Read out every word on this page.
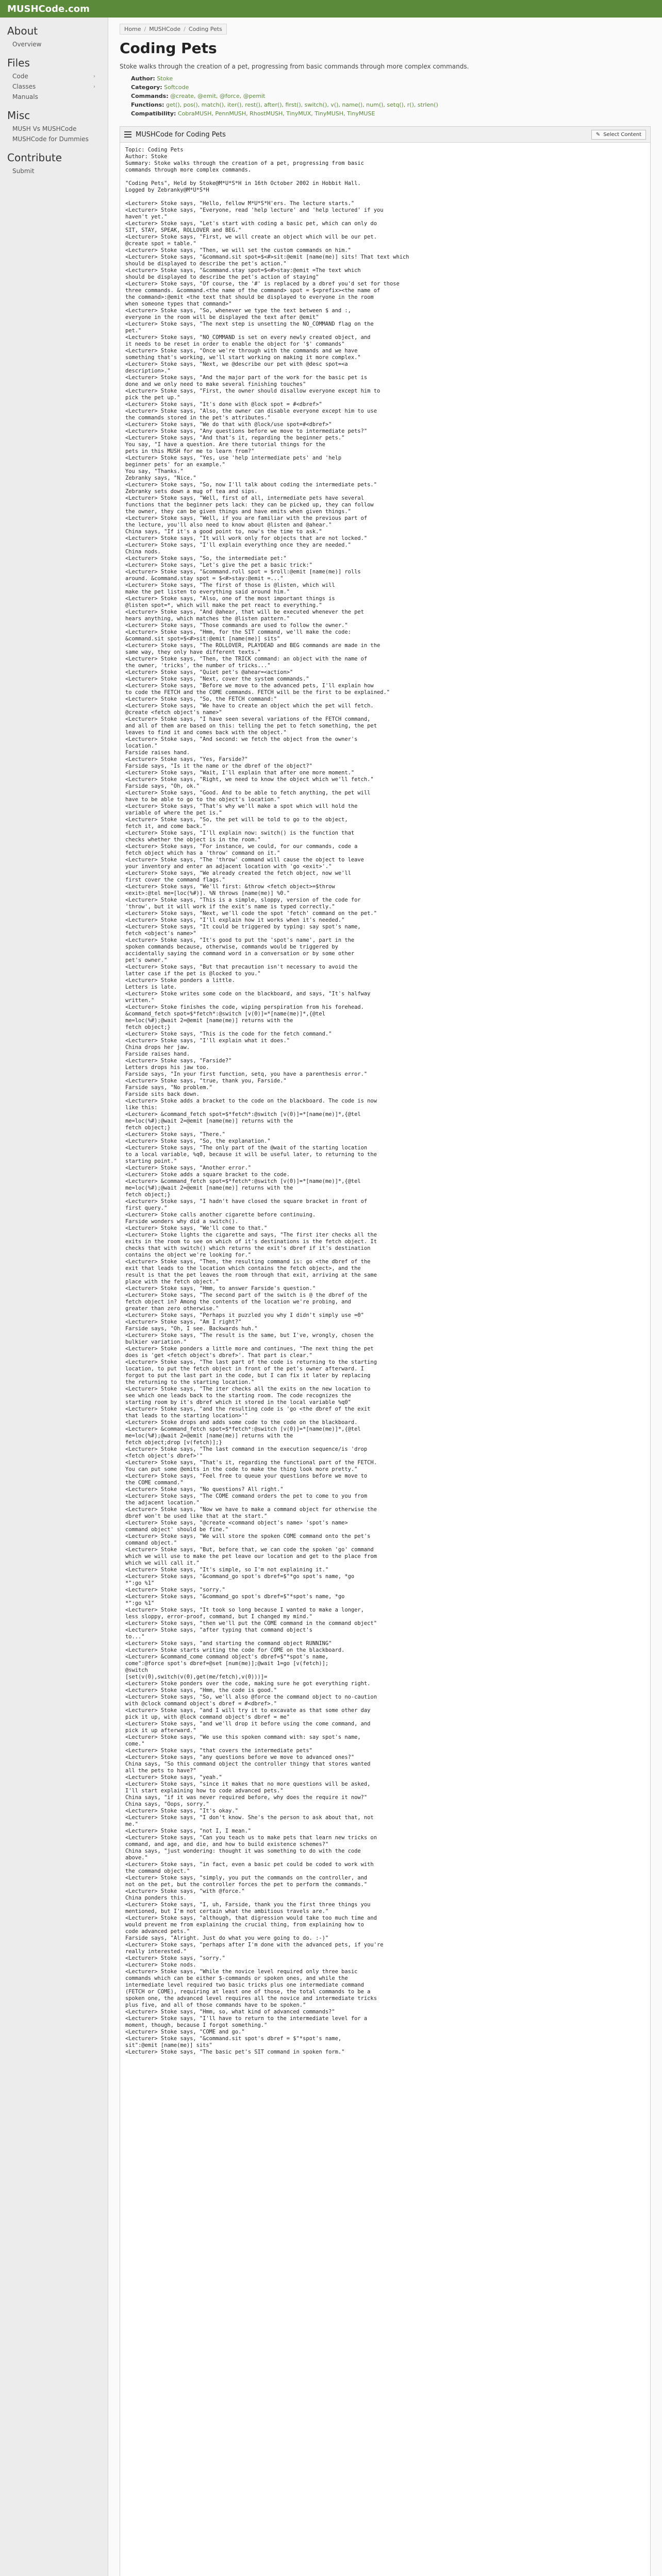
MUSHCode.com
About
Overview
Files
Code	›
Classes	›
Manuals
Misc
MUSH Vs MUSHCode
MUSHCode for Dummies
Contribute
Submit
Home / MUSHCode / Coding Pets
Coding Pets
Stoke walks through the creation of a pet, progressing from basic commands through more complex commands.
Author: Stoke
Category: Softcode
Commands: @create, @emit, @force, @pemit
Functions: get(), pos(), match(), iter(), rest(), after(), first(), switch(), v(), name(), num(), setq(), r(), strlen()
Compatibility: CobraMUSH, PennMUSH, RhostMUSH, TinyMUX, TinyMUSH, TinyMUSE
MUSHCode for Coding Pets	✎ Select Content
Topic: Coding Pets
Author: Stoke
Summary: Stoke walks through the creation of a pet, progressing from basic
commands through more complex commands.

"Coding Pets", Held by Stoke@M*U*S*H in 16th October 2002 in Hobbit Hall.
Logged by Zebranky@M*U*S*H

<Lecturer> Stoke says, "Hello, fellow M*U*S*H'ers. The lecture starts."
<Lecturer> Stoke says, "Everyone, read 'help lecture' and 'help lectured' if you
haven't yet."
<Lecturer> Stoke says, "Let's start with coding a basic pet, which can only do
SIT, STAY, SPEAK, ROLLOVER and BEG."
<Lecturer> Stoke says, "First, we will create an object which will be our pet.
@create spot = table."
<Lecturer> Stoke says, "Then, we will set the custom commands on him."
<Lecturer> Stoke says, "&command.sit spot=$<#>sit:@emit [name(me)] sits! That text which
should be displayed to describe the pet's action."
<Lecturer> Stoke says, "&command.stay spot=$<#>stay:@emit =The text which
should be displayed to describe the pet's action of staying"
<Lecturer> Stoke says, "Of course, the '#' is replaced by a dbref you'd set for those
three commands. &command.<the name of the command> spot = $<prefix><the name of
the command>:@emit <the text that should be displayed to everyone in the room
when someone types that command>"
<Lecturer> Stoke says, "So, whenever we type the text between $ and :,
everyone in the room will be displayed the text after @emit"
<Lecturer> Stoke says, "The next step is unsetting the NO_COMMAND flag on the
pet."
<Lecturer> Stoke says, "NO_COMMAND is set on every newly created object, and
it needs to be reset in order to enable the object for '$' commands"
<Lecturer> Stoke says, "Once we're through with the commands and we have
something that's working, we'll start working on making it more complex."
<Lecturer> Stoke says, "Next, we @describe our pet with @desc spot=<a
description>."
<Lecturer> Stoke says, "And the major part of the work for the basic pet is
done and we only need to make several finishing touches"
<Lecturer> Stoke says, "First, the owner should disallow everyone except him to
pick the pet up."
<Lecturer> Stoke says, "It's done with @lock spot = #<dbref>"
<Lecturer> Stoke says, "Also, the owner can disable everyone except him to use
the commands stored in the pet's attributes."
<Lecturer> Stoke says, "We do that with @lock/use spot=#<dbref>"
<Lecturer> Stoke says, "Any questions before we move to intermediate pets?"
<Lecturer> Stoke says, "And that's it, regarding the beginner pets."
You say, "I have a question. Are there tutorial things for the
pets in this MUSH for me to learn from?"
<Lecturer> Stoke says, "Yes, use 'help intermediate pets' and 'help
beginner pets' for an example."
You say, "Thanks."
Zebranky says, "Nice."
<Lecturer> Stoke says, "So, now I'll talk about coding the intermediate pets."
Zebranky sets down a mug of tea and sips.
<Lecturer> Stoke says, "Well, first of all, intermediate pets have several
functions that the beginner pets lack: they can be picked up, they can follow
the owner, they can be given things and have emits when given things."
<Lecturer> Stoke says, "Well, if you are familiar with the previous part of
the lecture, you'll also need to know about @listen and @ahear."
China says, "If it's a good point to, now's the time to ask."
<Lecturer> Stoke says, "It will work only for objects that are not locked."
<Lecturer> Stoke says, "I'll explain everything once they are needed."
China nods.
<Lecturer> Stoke says, "So, the intermediate pet:"
<Lecturer> Stoke says, "Let's give the pet a basic trick:"
<Lecturer> Stoke says, "&command.roll spot = $roll:@emit [name(me)] rolls
around. &command.stay spot = $<#>stay:@emit =..."
<Lecturer> Stoke says, "The first of those is @listen, which will
make the pet listen to everything said around him."
<Lecturer> Stoke says, "Also, one of the most important things is
@listen spot=*, which will make the pet react to everything."
<Lecturer> Stoke says, "And @ahear, that will be executed whenever the pet
hears anything, which matches the @listen pattern."
<Lecturer> Stoke says, "Those commands are used to follow the owner."
<Lecturer> Stoke says, "Hmm, for the SIT command, we'll make the code:
&command.sit spot=$<#>sit:@emit [name(me)] sits"
<Lecturer> Stoke says, "The ROLLOVER, PLAYDEAD and BEG commands are made in the
same way, they only have different texts."
<Lecturer> Stoke says, "Then, the TRICK command: an object with the name of
the owner, 'tricks', the number of tricks..."
<Lecturer> Stoke says, "Quiet pet's @ahear=<action>"
<Lecturer> Stoke says, "Next, cover the system commands."
<Lecturer> Stoke says, "Before we move to the advanced pets, I'll explain how
to code the FETCH and the COME commands. FETCH will be the first to be explained."
<Lecturer> Stoke says, "So, the FETCH command:"
<Lecturer> Stoke says, "We have to create an object which the pet will fetch.
@create <fetch object's name>"
<Lecturer> Stoke says, "I have seen several variations of the FETCH command,
and all of them are based on this: telling the pet to fetch something, the pet
leaves to find it and comes back with the object."
<Lecturer> Stoke says, "And second: we fetch the object from the owner's
location."
Farside raises hand.
<Lecturer> Stoke says, "Yes, Farside?"
Farside says, "Is it the name or the dbref of the object?"
<Lecturer> Stoke says, "Wait, I'll explain that after one more moment."
<Lecturer> Stoke says, "Right, we need to know the object which we'll fetch."
Farside says, "Oh, ok."
<Lecturer> Stoke says, "Good. And to be able to fetch anything, the pet will
have to be able to go to the object's location."
<Lecturer> Stoke says, "That's why we'll make a spot which will hold the
variable of where the pet is."
<Lecturer> Stoke says, "So, the pet will be told to go to the object,
fetch it, and come back."
<Lecturer> Stoke says, "I'll explain now: switch() is the function that
checks whether the object is in the room."
<Lecturer> Stoke says, "For instance, we could, for our commands, code a
fetch object which has a 'throw' command on it."
<Lecturer> Stoke says, "The 'throw' command will cause the object to leave
your inventory and enter an adjacent location with 'go <exit>'."
<Lecturer> Stoke says, "We already created the fetch object, now we'll
first cover the command flags."
<Lecturer> Stoke says, "We'll first: &throw <fetch object>=$throw
<exit>:@tel me=[loc(%#)]. %N throws [name(me)] %0."
<Lecturer> Stoke says, "This is a simple, sloppy, version of the code for
'throw', but it will work if the exit's name is typed correctly."
<Lecturer> Stoke says, "Next, we'll code the spot 'fetch' command on the pet."
<Lecturer> Stoke says, "I'll explain how it works when it's needed."
<Lecturer> Stoke says, "It could be triggered by typing: say spot's name,
fetch <object's name>"
<Lecturer> Stoke says, "It's good to put the 'spot's name', part in the
spoken commands because, otherwise, commands would be triggered by
accidentally saying the command word in a conversation or by some other
pet's owner."
<Lecturer> Stoke says, "But that precaution isn't necessary to avoid the
latter case if the pet is @locked to you."
<Lecturer> Stoke ponders a little.
Letters is late.
<Lecturer> Stoke writes some code on the blackboard, and says, "It's halfway
written."
<Lecturer> Stoke finishes the code, wiping perspiration from his forehead.
&command_fetch spot=$*fetch*:@switch [v(0)]=*[name(me)]*,{@tel
me=loc(%#);@wait 2=@emit [name(me)] returns with the
fetch object;}
<Lecturer> Stoke says, "This is the code for the fetch command."
<Lecturer> Stoke says, "I'll explain what it does."
China drops her jaw.
Farside raises hand.
<Lecturer> Stoke says, "Farside?"
Letters drops his jaw too.
Farside says, "In your first function, setq, you have a parenthesis error."
<Lecturer> Stoke says, "true, thank you, Farside."
Farside says, "No problem."
Farside sits back down.
<Lecturer> Stoke adds a bracket to the code on the blackboard. The code is now
like this:
<Lecturer> &command_fetch spot=$*fetch*:@switch [v(0)]=*[name(me)]*,{@tel
me=loc(%#);@wait 2=@emit [name(me)] returns with the
fetch object;}
<Lecturer> Stoke says, "There."
<Lecturer> Stoke says, "So, the explanation."
<Lecturer> Stoke says, "The only part of the @wait of the starting location
to a local variable, %q0, because it will be useful later, to returning to the
starting point."
<Lecturer> Stoke says, "Another error."
<Lecturer> Stoke adds a square bracket to the code.
<Lecturer> &command_fetch spot=$*fetch*:@switch [v(0)]=*[name(me)]*,{@tel
me=loc(%#);@wait 2=@emit [name(me)] returns with the
fetch object;}
<Lecturer> Stoke says, "I hadn't have closed the square bracket in front of
first query."
<Lecturer> Stoke calls another cigarette before continuing.
Farside wonders why did a switch().
<Lecturer> Stoke says, "We'll come to that."
<Lecturer> Stoke lights the cigarette and says, "The first iter checks all the
exits in the room to see on which of it's destinations is the fetch object. It
checks that with switch() which returns the exit's dbref if it's destination
contains the object we're looking for."
<Lecturer> Stoke says, "Then, the resulting command is: go <the dbref of the
exit that leads to the location which contains the fetch object>, and the
result is that the pet leaves the room through that exit, arriving at the same
place with the fetch object."
<Lecturer> Stoke says, "Hmm, to answer Farside's question."
<Lecturer> Stoke says, "The second part of the switch is @ the dbref of the
fetch object in? Among the contents of the location we're probing, and
greater than zero otherwise."
<Lecturer> Stoke says, "Perhaps it puzzled you why I didn't simply use =0"
<Lecturer> Stoke says, "Am I right?"
Farside says, "Oh, I see. Backwards huh."
<Lecturer> Stoke says, "The result is the same, but I've, wrongly, chosen the
bulkier variation."
<Lecturer> Stoke ponders a little more and continues, "The next thing the pet
does is 'get <fetch object's dbref>'. That part is clear."
<Lecturer> Stoke says, "The last part of the code is returning to the starting
location, to put the fetch object in front of the pet's owner afterward. I
forgot to put the last part in the code, but I can fix it later by replacing
the returning to the starting location."
<Lecturer> Stoke says, "The iter checks all the exits on the new location to
see which one leads back to the starting room. The code recognizes the
starting room by it's dbref which it stored in the local variable %q0"
<Lecturer> Stoke says, "and the resulting code is 'go <the dbref of the exit
that leads to the starting location>'"
<Lecturer> Stoke drops and adds some code to the code on the blackboard.
<Lecturer> &command_fetch spot=$*fetch*:@switch [v(0)]=*[name(me)]*,{@tel
me=loc(%#);@wait 2=@emit [name(me)] returns with the
fetch object;drop [v(fetch)];}
<Lecturer> Stoke says, "The last command in the execution sequence/is 'drop
<fetch object's dbref>'"
<Lecturer> Stoke says, "That's it, regarding the functional part of the FETCH.
You can put some @emits in the code to make the thing look more pretty."
<Lecturer> Stoke says, "Feel free to queue your questions before we move to
the COME command."
<Lecturer> Stoke says, "No questions? All right."
<Lecturer> Stoke says, "The COME command orders the pet to come to you from
the adjacent location."
<Lecturer> Stoke says, "Now we have to make a command object for otherwise the
dbref won't be used like that at the start."
<Lecturer> Stoke says, "@create <command object's name> 'spot's name>
command object' should be fine."
<Lecturer> Stoke says, "We will store the spoken COME command onto the pet's
command object."
<Lecturer> Stoke says, "But, before that, we can code the spoken 'go' command
which we will use to make the pet leave our location and get to the place from
which we will call it."
<Lecturer> Stoke says, "It's simple, so I'm not explaining it."
<Lecturer> Stoke says, "&command_go spot's dbref=$"*go spot's name, *go
*":go %1"
<Lecturer> Stoke says, "sorry."
<Lecturer> Stoke says, "&command_go spot's dbref=$"*spot's name, *go
*":go %1"
<Lecturer> Stoke says, "It took so long because I wanted to make a longer,
less sloppy, error-proof, command, but I changed my mind."
<Lecturer> Stoke says, "then we'll put the COME command in the command object"
<Lecturer> Stoke says, "after typing that command object's
to..."
<Lecturer> Stoke says, "and starting the command object RUNNING"
<Lecturer> Stoke starts writing the code for COME on the blackboard.
<Lecturer> &command_come command object's dbref=$"*spot's name,
come":@force spot's dbref=@set [num(me)];@wait 1=go [v(fetch)];
@switch
[set(v(0),switch(v(0),get(me/fetch),v(0)))]=
<Lecturer> Stoke ponders over the code, making sure he got everything right.
<Lecturer> Stoke says, "Hmm, the code is good."
<Lecturer> Stoke says, "So, we'll also @force the command object to no-caution
with @clock command object's dbref = #<dbref>."
<Lecturer> Stoke says, "and I will try it to excavate as that some other day
pick it up, with @lock command object's dbref = me"
<Lecturer> Stoke says, "and we'll drop it before using the come command, and
pick it up afterward."
<Lecturer> Stoke says, "We use this spoken command with: say spot's name,
come."
<Lecturer> Stoke says, "that covers the intermediate pets"
<Lecturer> Stoke says, "any questions before we move to advanced ones?"
China says, "So this command object the controller thingy that stores wanted
all the pets to have?"
<Lecturer> Stoke says, "yeah."
<Lecturer> Stoke says, "since it makes that no more questions will be asked,
I'll start explaining how to code advanced pets."
China says, "if it was never required before, why does the require it now?"
China says, "Oops, sorry."
<Lecturer> Stoke says, "It's okay."
<Lecturer> Stoke says, "I don't know. She's the person to ask about that, not
me."
<Lecturer> Stoke says, "not I, I mean."
<Lecturer> Stoke says, "Can you teach us to make pets that learn new tricks on
command, and age, and die, and how to build existence schemes?"
China says, "just wondering: thought it was something to do with the code
above."
<Lecturer> Stoke says, "in fact, even a basic pet could be coded to work with
the command object."
<Lecturer> Stoke says, "simply, you put the commands on the controller, and
not on the pet, but the controller forces the pet to perform the commands."
<Lecturer> Stoke says, "with @force."
China ponders this.
<Lecturer> Stoke says, "I, uh, Farside, thank you the first three things you
mentioned, but I'm not certain what the ambitious travels are."
<Lecturer> Stoke says, "although, that digression would take too much time and
would prevent me from explaining the crucial thing, from explaining how to
code advanced pets."
Farside says, "Alright. Just do what you were going to do. :-)"
<Lecturer> Stoke says, "perhaps after I'm done with the advanced pets, if you're
really interested."
<Lecturer> Stoke says, "sorry."
<Lecturer> Stoke nods.
<Lecturer> Stoke says, "While the novice level required only three basic
commands which can be either $-commands or spoken ones, and while the
intermediate level required two basic tricks plus one intermediate command
(FETCH or COME), requiring at least one of those, the total commands to be a
spoken one, the advanced level requires all the novice and intermediate tricks
plus five, and all of those commands have to be spoken."
<Lecturer> Stoke says, "Hmm, so, what kind of advanced commands?"
<Lecturer> Stoke says, "I'll have to return to the intermediate level for a
moment, though, because I forgot something."
<Lecturer> Stoke says, "COME and go."
<Lecturer> Stoke says, "&command.sit spot's dbref = $"*spot's name,
sit":@emit [name(me)] sits"
<Lecturer> Stoke says, "The basic pet's SIT command in spoken form."
